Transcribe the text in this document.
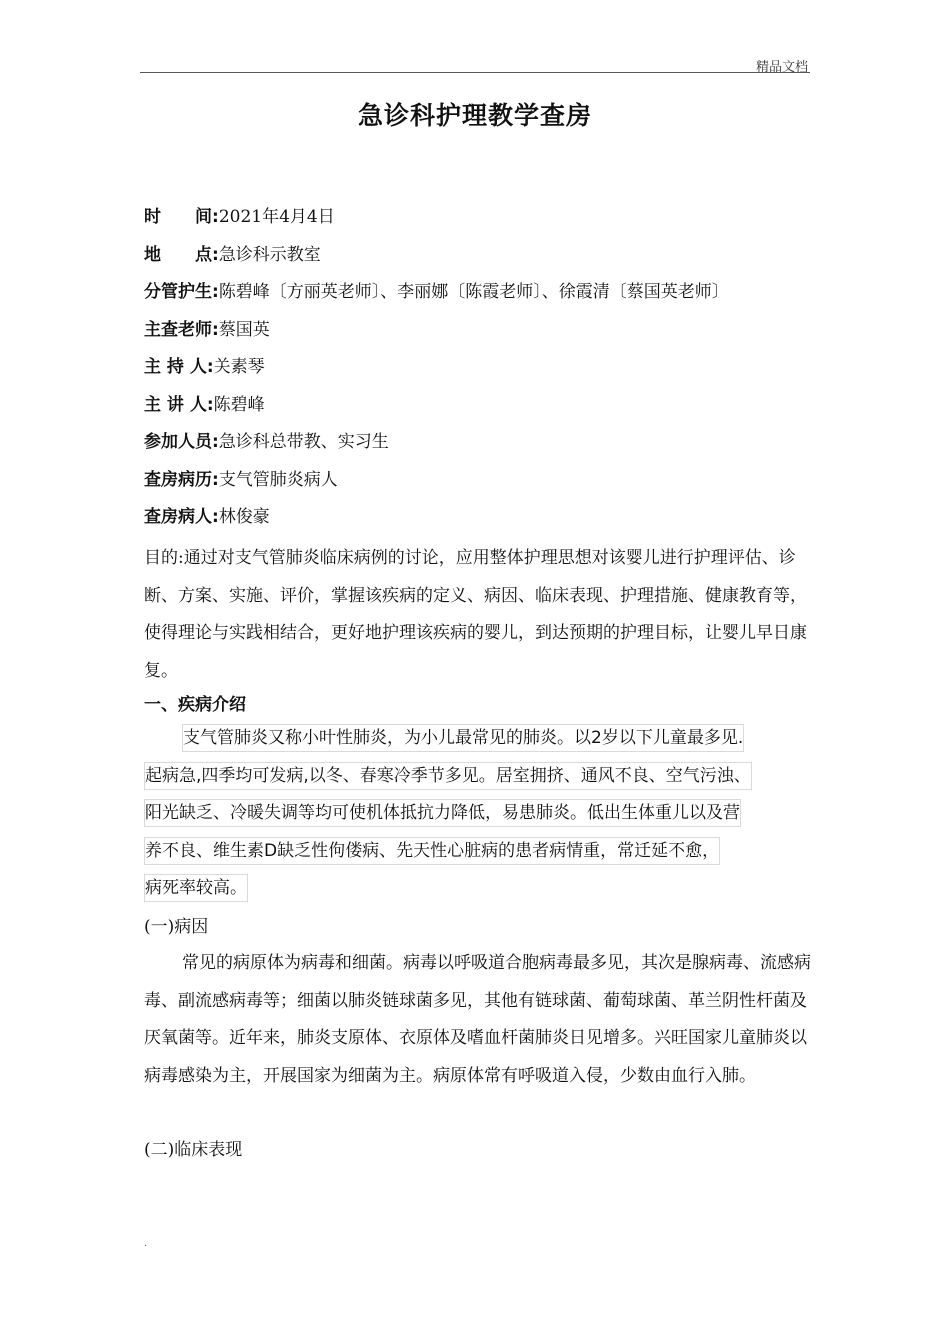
精品文档
急诊科护理教学查房
时　　间:2021年4月4日
地　　点:急诊科示教室
分管护生:陈碧峰〔方丽英老师〕、李丽娜〔陈霞老师〕、徐霞清〔蔡国英老师〕
主查老师:蔡国英
主 持 人:关素琴
主 讲 人:陈碧峰
参加人员:急诊科总带教、实习生
查房病历:支气管肺炎病人
查房病人:林俊豪
目的:通过对支气管肺炎临床病例的讨论，应用整体护理思想对该婴儿进行护理评估、诊断、方案、实施、评价，掌握该疾病的定义、病因、临床表现、护理措施、健康教育等，使得理论与实践相结合，更好地护理该疾病的婴儿，到达预期的护理目标，让婴儿早日康复。
一、疾病介绍
支气管肺炎又称小叶性肺炎，为小儿最常见的肺炎。以2岁以下儿童最多见.
起病急,四季均可发病,以冬、春寒冷季节多见。居室拥挤、通风不良、空气污浊、
阳光缺乏、冷暖失调等均可使机体抵抗力降低，易患肺炎。低出生体重儿以及营
养不良、维生素D缺乏性佝偻病、先天性心脏病的患者病情重，常迁延不愈，
病死率较高。
(一)病因
常见的病原体为病毒和细菌。病毒以呼吸道合胞病毒最多见，其次是腺病毒、流感病毒、副流感病毒等；细菌以肺炎链球菌多见，其他有链球菌、葡萄球菌、革兰阴性杆菌及厌氧菌等。近年来，肺炎支原体、衣原体及嗜血杆菌肺炎日见增多。兴旺国家儿童肺炎以病毒感染为主，开展国家为细菌为主。病原体常有呼吸道入侵，少数由血行入肺。
(二)临床表现
.
